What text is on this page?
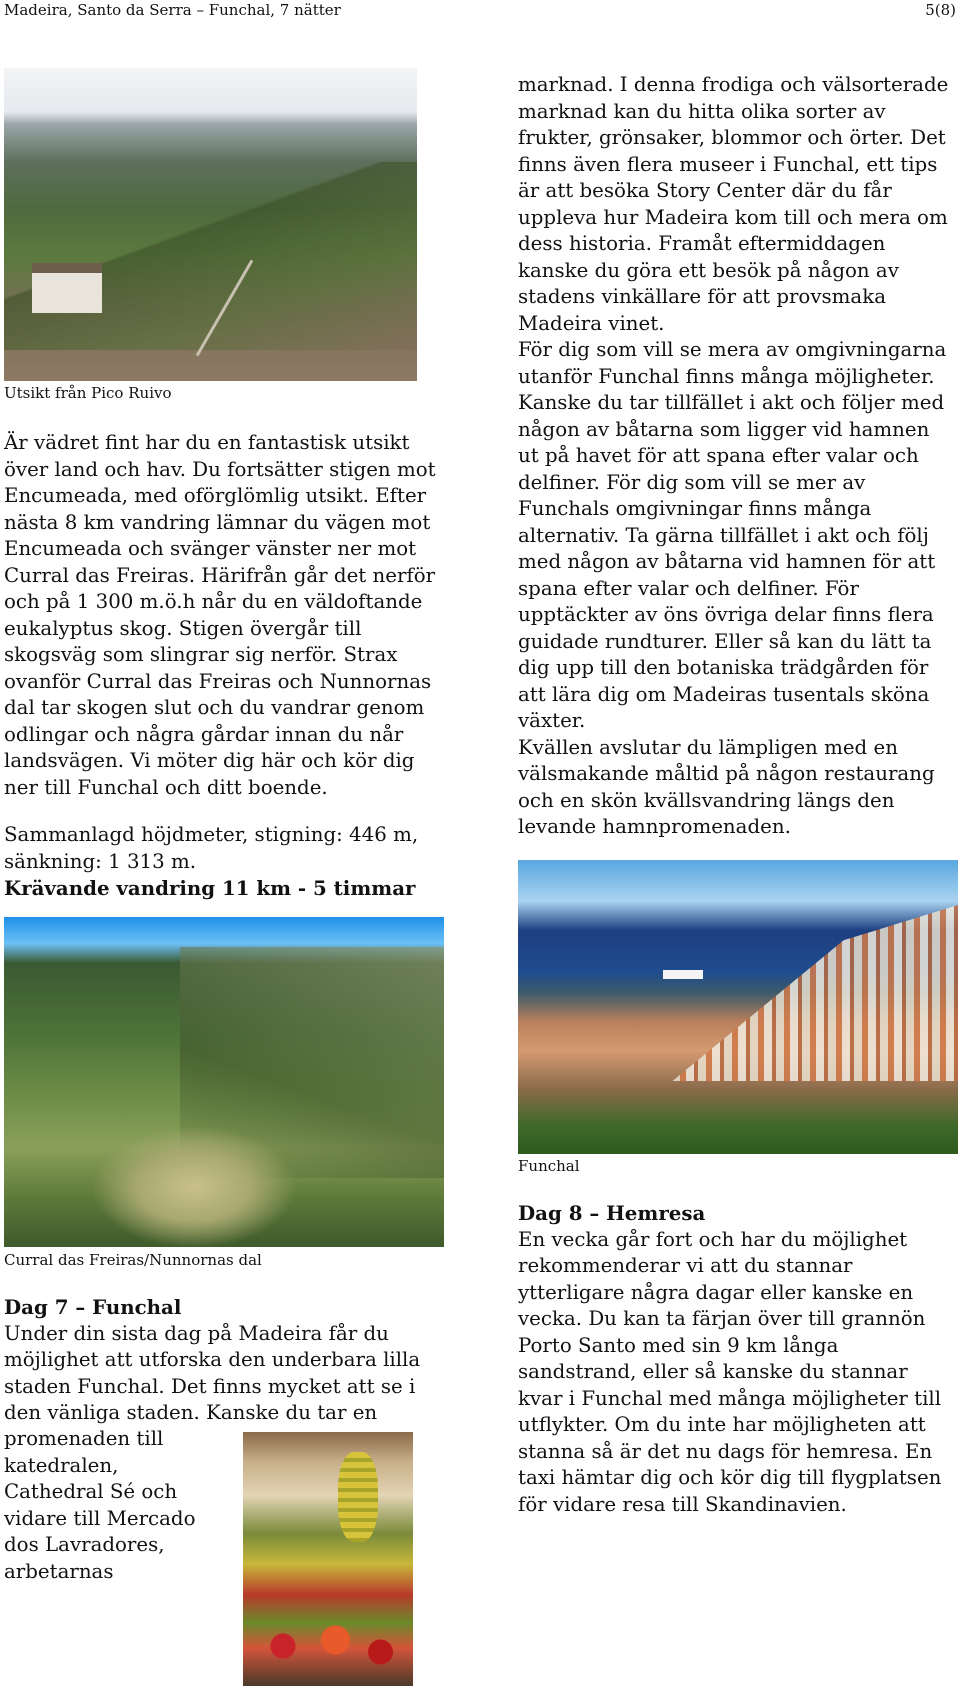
Madeira, Santo da Serra – Funchal, 7 nätter	5(8)

Utsikt från Pico Ruivo

Är vädret fint har du en fantastisk utsikt

över land och hav. Du fortsätter stigen mot

Encumeada, med oförglömlig utsikt. Efter

nästa 8 km vandring lämnar du vägen mot

Encumeada och svänger vänster ner mot

Curral das Freiras. Härifrån går det nerför

och på 1 300 m.ö.h når du en väldoftande

eukalyptus skog. Stigen övergår till

skogsväg som slingrar sig nerför. Strax

ovanför Curral das Freiras och Nunnornas

dal tar skogen slut och du vandrar genom

odlingar och några gårdar innan du når

landsvägen. Vi möter dig här och kör dig

ner till Funchal och ditt boende.

Sammanlagd höjdmeter, stigning: 446 m,

sänkning: 1 313 m.

Krävande vandring 11 km - 5 timmar

Curral das Freiras/Nunnornas dal

Dag 7 – Funchal

Under din sista dag på Madeira får du

möjlighet att utforska den underbara lilla

staden Funchal. Det finns mycket att se i

den vänliga staden. Kanske du tar en

promenaden till

katedralen,

Cathedral Sé och

vidare till Mercado

dos Lavradores,

arbetarnas

marknad. I denna frodiga och välsorterade

marknad kan du hitta olika sorter av

frukter, grönsaker, blommor och örter. Det

finns även flera museer i Funchal, ett tips

är att besöka Story Center där du får

uppleva hur Madeira kom till och mera om

dess historia. Framåt eftermiddagen

kanske du göra ett besök på någon av

stadens vinkällare för att provsmaka

Madeira vinet.

För dig som vill se mera av omgivningarna

utanför Funchal finns många möjligheter.

Kanske du tar tillfället i akt och följer med

någon av båtarna som ligger vid hamnen

ut på havet för att spana efter valar och

delfiner. För dig som vill se mer av

Funchals omgivningar finns många

alternativ. Ta gärna tillfället i akt och följ

med någon av båtarna vid hamnen för att

spana efter valar och delfiner. För

upptäckter av öns övriga delar finns flera

guidade rundturer. Eller så kan du lätt ta

dig upp till den botaniska trädgården för

att lära dig om Madeiras tusentals sköna

växter.

Kvällen avslutar du lämpligen med en

välsmakande måltid på någon restaurang

och en skön kvällsvandring längs den

levande hamnpromenaden.

Funchal

Dag 8 – Hemresa

En vecka går fort och har du möjlighet

rekommenderar vi att du stannar

ytterligare några dagar eller kanske en

vecka. Du kan ta färjan över till grannön

Porto Santo med sin 9 km långa

sandstrand, eller så kanske du stannar

kvar i Funchal med många möjligheter till

utflykter. Om du inte har möjligheten att

stanna så är det nu dags för hemresa. En

taxi hämtar dig och kör dig till flygplatsen

för vidare resa till Skandinavien.
